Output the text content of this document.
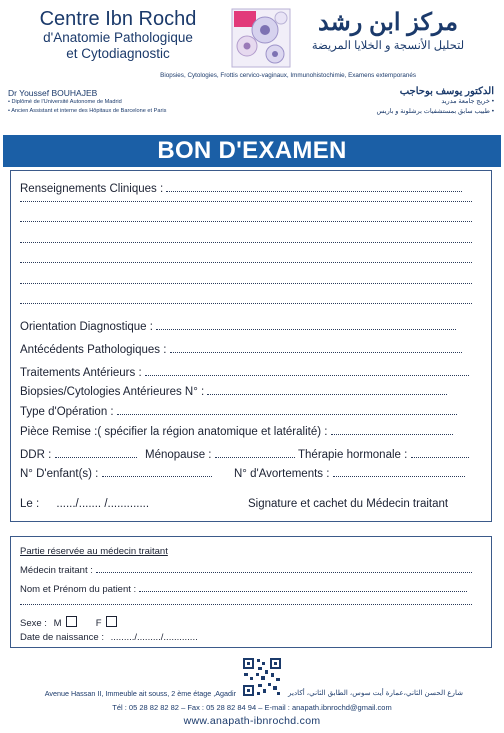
Centre Ibn Rochd
d'Anatomie Pathologique
et Cytodiagnostic
مركز ابن رشد
لتحليل الأنسجة و الخلايا المريضة
Biopsies, Cytologies, Frottis cervico-vaginaux, Immunohistochimie, Examens extemporanés
Dr Youssef BOUHAJEB
• Diplômé de l'Université Autonome de Madrid
• Ancien Assistant et interne des Hôpitaux de Barcelone et Paris
الدكتور يوسف بوحاجب
• خريج جامعة مدريد
• طبيب سابق بمستشفيات برشلونة و باريس
BON D'EXAMEN
Renseignements Cliniques :
Orientation Diagnostique :
Antécédents Pathologiques :
Traitements Antérieurs :
Biopsies/Cytologies Antérieures N° :
Type d'Opération :
Pièce Remise :( spécifier la région anatomique et latéralité) :
DDR :	Ménopause :	Thérapie hormonale :
N° D'enfant(s) :	N° d'Avortements :
Le : ....../....... /.............	Signature et cachet du Médecin traitant
Partie réservée au médecin traitant
Médecin traitant :
Nom et Prénom du patient :
Sexe : M	F
Date de naissance : ........./........./.............
Avenue Hassan II, Immeuble ait souss, 2 ème étage ,Agadir	شارع الحسن الثاني،عمارة أيت سوس، الطابق الثاني، أكادير
Tél : 05 28 82 82 82 – Fax : 05 28 82 84 94 – E-mail : anapath.ibnrochd@gmail.com
www.anapath-ibnrochd.com
